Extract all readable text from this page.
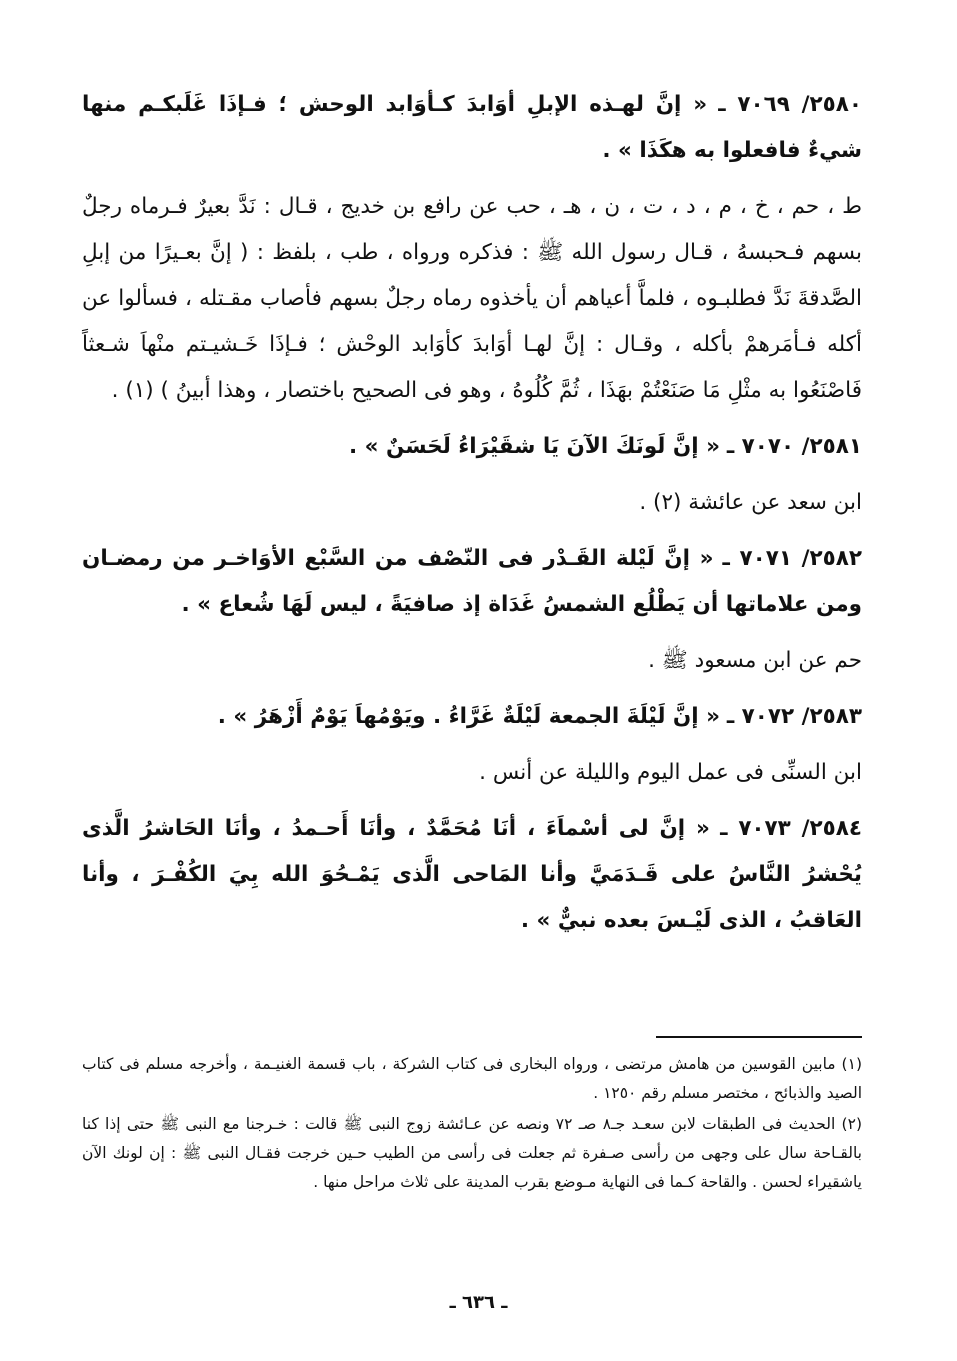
٢٥٨٠/ ٧٠٦٩ ـ « إنَّ لهـذه الإبلِ أوَابدَ كـأوَابد الوحش ؛ فـإذَا غَلَبكـم منها شيءٌ فافعلوا به هكَذَا » .

ط ، حم ، خ ، م ، د ، ت ، ن ، هـ ، حب عن رافع بن خديج ، قـال : نَدَّ بعيرٌ فـرماه رجلٌ بسهم فـحبسهُ ، قـال رسول الله ﷺ : فذكره ورواه ، طب ، بلفظ : ( إنَّ بعـيرًا من إبلِ الصَّدقةَ نَدَّ فطلبـوه ، فلماَّ أعياهم أن يأخذوه رماه رجلٌ بسهم فأصاب مقـتله ، فسألوا عن أكله فـأمَرهمْ بأكله ، وقـال : إنَّ لهـا أوَابدَ كأوَابد الوحْش ؛ فـإذَا خَـشيـتم منْهاَ شـعثاً فَاصْنَعُوا به مثْلِ مَا صَنَعْتُمْ بهَذَا ، ثُمَّ كُلُوهُ ، وهو فى الصحيح باختصار ، وهذا أبينُ ) (١) .

٢٥٨١/ ٧٠٧٠ ـ « إنَّ لَونَكَ الآنَ يَا شقَيْرَاءُ لَحَسَنٌ » .

ابن سعد عن عائشة (٢) .

٢٥٨٢/ ٧٠٧١ ـ « إنَّ لَيْلة القَـدْر فى النّصْف من السَّبْع الأوَاخـر من رمضـان ومن علاماتها أن يَطْلُع الشمسُ غَدَاة إذ صافيَةً ، ليس لَهَا شُعاع » .

حم عن ابن مسعود ﷺ .

٢٥٨٣/ ٧٠٧٢ ـ « إنَّ لَيْلَةَ الجمعة لَيْلَةٌ غَرَّاءُ . ويَوْمُهاَ يَوْمٌ أَزْهَرُ » .

ابن السنِّى فى عمل اليوم والليلة عن أنس .

٢٥٨٤/ ٧٠٧٣ ـ « إنَّ لى أسْماَءَ ، أنَا مُحَمَّدٌ ، وأنَا أَحـمدُ ، وأنَا الحَاشرُ الَّذى يُحْشرُ النَّاسُ على قَـدَمَيَّ وأنا المَاحى الَّذى يَمْـحُوَ الله بِيَ الكُفْـرَ ، وأنا العَاقبُ ، الذى لَيْـسَ بعده نبيٌّ » .

(١) مابين القوسين من هامش مرتضى ، ورواه البخارى فى كتاب الشركة ، باب قسمة الغنيـمة ، وأخرجه مسلم فى كتاب الصيد والذبائح ، مختصر مسلم رقم ١٢٥٠ .

(٢) الحديث فى الطبقات لابن سعـد جـ٨ صـ ٧٢ ونصه عن عـائشة زوج النبى ﷺ قالت : خـرجنا مع النبى ﷺ حتى إذا كنا بالقـاحة سال على وجهى من رأسى صـفرة ثم جعلت فى رأسى من الطيب حـين خرجت فقـال النبى ﷺ : إن لونك الآن ياشقيراء لحسن . والقاحة كـما فى النهاية مـوضع بقرب المدينة على ثلاث مراحل منها .

ـ ٦٣٦ ـ
